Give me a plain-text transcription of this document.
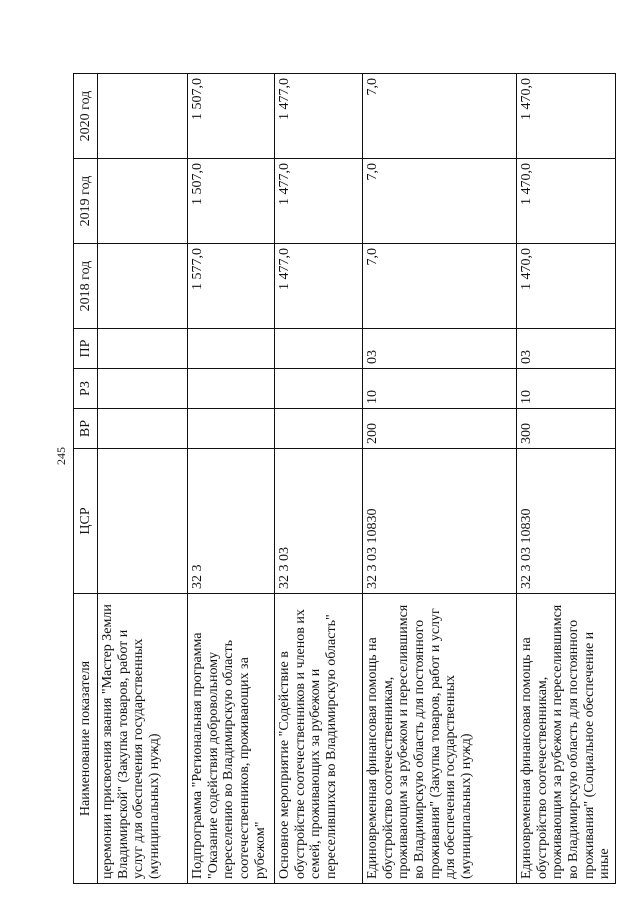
245
Наименование показателя	ЦСР	ВР	РЗ	ПР	2018 год	2019 год	2020 год
церемонии присвоения звания "Мастер Земли Владимирской" (Закупка товаров, работ и услуг для обеспечения государственных (муниципальных) нужд)							
Подпрограмма "Региональная программа "Оказание содействия добровольному переселению во Владимирскую область соотечественников, проживающих за рубежом"	32 3				1 577,0	1 507,0	1 507,0
Основное мероприятие "Содействие в обустройстве соотечественников и членов их семей, проживающих за рубежом и переселившихся во Владимирскую область"	32 3 03				1 477,0	1 477,0	1 477,0
Единовременная финансовая помощь на обустройство соотечественникам, проживающим за рубежом и переселившимся во Владимирскую область для постоянного проживания" (Закупка товаров, работ и услуг для обеспечения государственных (муниципальных) нужд)	32 3 03 10830	200	10	03	7,0	7,0	7,0
Единовременная финансовая помощь на обустройство соотечественникам, проживающим за рубежом и переселившимся во Владимирскую область для постоянного проживания" (Социальное обеспечение и иные	32 3 03 10830	300	10	03	1 470,0	1 470,0	1 470,0
